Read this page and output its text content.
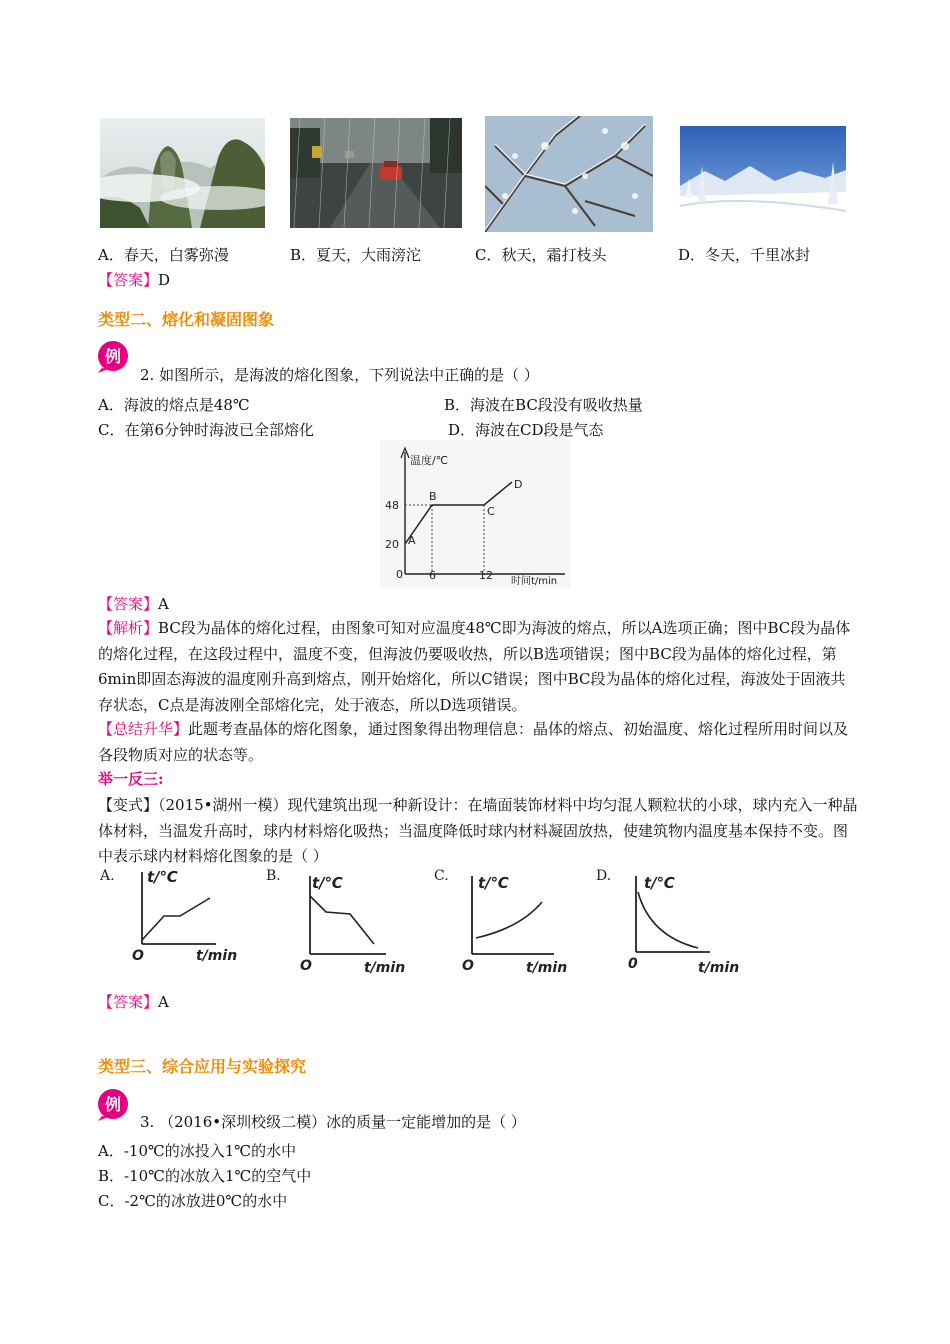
A．春天，白雾弥漫	B．夏天，大雨滂沱	C．秋天，霜打枝头	D．冬天，千里冰封
【答案】D
类型二、熔化和凝固图象
例
2. 如图所示，是海波的熔化图象，下列说法中正确的是（ ）
A．海波的熔点是48℃	B．海波在BC段没有吸收热量
C．在第6分钟时海波已全部熔化	D．海波在CD段是气态
温度/℃
时间t/min
0
48
20
6	12
A
B
C
D
【答案】A
【解析】BC段为晶体的熔化过程，由图象可知对应温度48℃即为海波的熔点，所以A选项正确；图中BC段为晶体的熔化过程，在这段过程中，温度不变，但海波仍要吸收热，所以B选项错误；图中BC段为晶体的熔化过程，第6min即固态海波的温度刚升高到熔点，刚开始熔化，所以C错误；图中BC段为晶体的熔化过程，海波处于固液共存状态，C点是海波刚全部熔化完，处于液态，所以D选项错误。
【总结升华】此题考查晶体的熔化图象，通过图象得出物理信息：晶体的熔点、初始温度、熔化过程所用时间以及各段物质对应的状态等。
举一反三:
【变式】（2015•湖州一模）现代建筑出现一种新设计：在墙面装饰材料中均匀混人颗粒状的小球，球内充入一种晶体材料，当温发升高时，球内材料熔化吸热；当温度降低时球内材料凝固放热，使建筑物内温度基本保持不变。图中表示球内材料熔化图象的是（ ）
A. t/℃
t/min
O
B. t/℃
t/min
O
C. t/℃
t/min
O
D. t/℃
t/min
0
【答案】A
类型三、综合应用与实验探究
例
3. （2016•深圳校级二模）冰的质量一定能增加的是（ ）
A．-10℃的冰投入1℃的水中
B．-10℃的冰放入1℃的空气中
C．-2℃的冰放进0℃的水中
